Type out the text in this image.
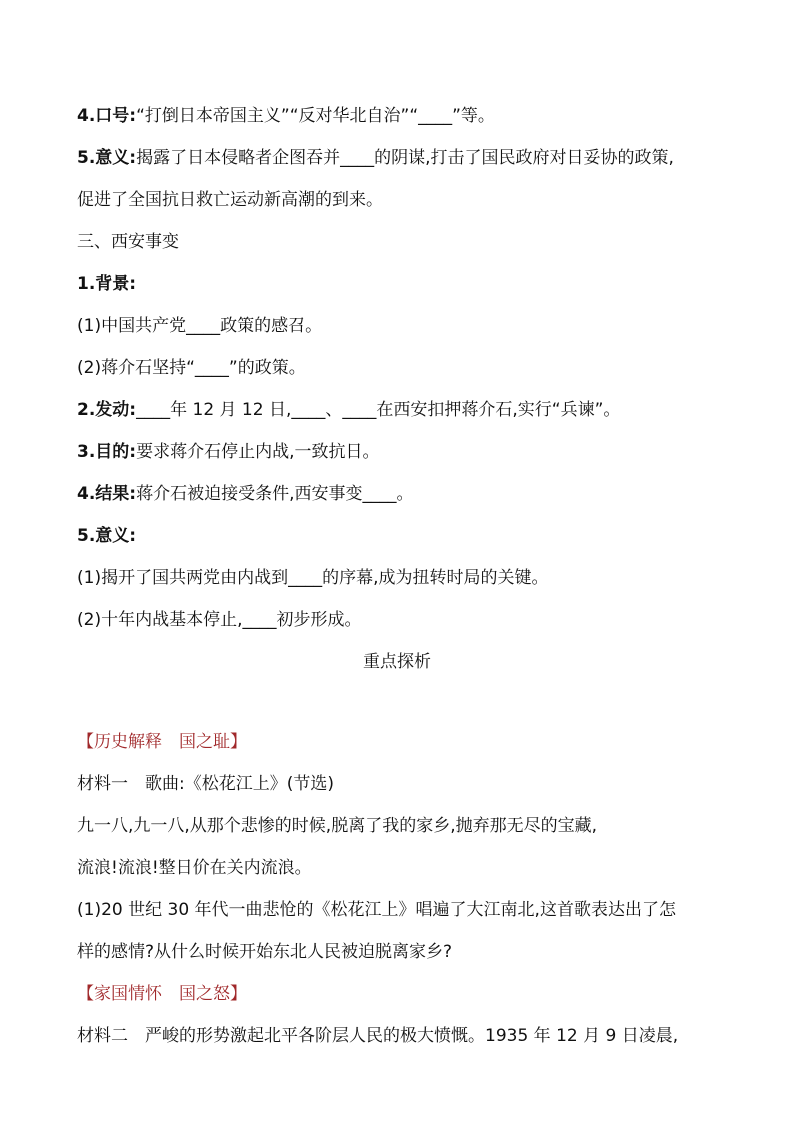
4.口号:“打倒日本帝国主义”“反对华北自治”“____”等。
5.意义:揭露了日本侵略者企图吞并____的阴谋,打击了国民政府对日妥协的政策,
促进了全国抗日救亡运动新高潮的到来。
三、西安事变
1.背景:
(1)中国共产党____政策的感召。
(2)蒋介石坚持“____”的政策。
2.发动:____年 12 月 12 日,____、____在西安扣押蒋介石,实行“兵谏”。
3.目的:要求蒋介石停止内战,一致抗日。
4.结果:蒋介石被迫接受条件,西安事变____。
5.意义:
(1)揭开了国共两党由内战到____的序幕,成为扭转时局的关键。
(2)十年内战基本停止,____初步形成。
重点探析
【历史解释　国之耻】
材料一　歌曲:《松花江上》(节选)
九一八,九一八,从那个悲惨的时候,脱离了我的家乡,抛弃那无尽的宝藏,
流浪!流浪!整日价在关内流浪。
(1)20 世纪 30 年代一曲悲怆的《松花江上》唱遍了大江南北,这首歌表达出了怎
样的感情?从什么时候开始东北人民被迫脱离家乡?
【家国情怀　国之怒】
材料二　严峻的形势激起北平各阶层人民的极大愤慨。1935 年 12 月 9 日凌晨,
